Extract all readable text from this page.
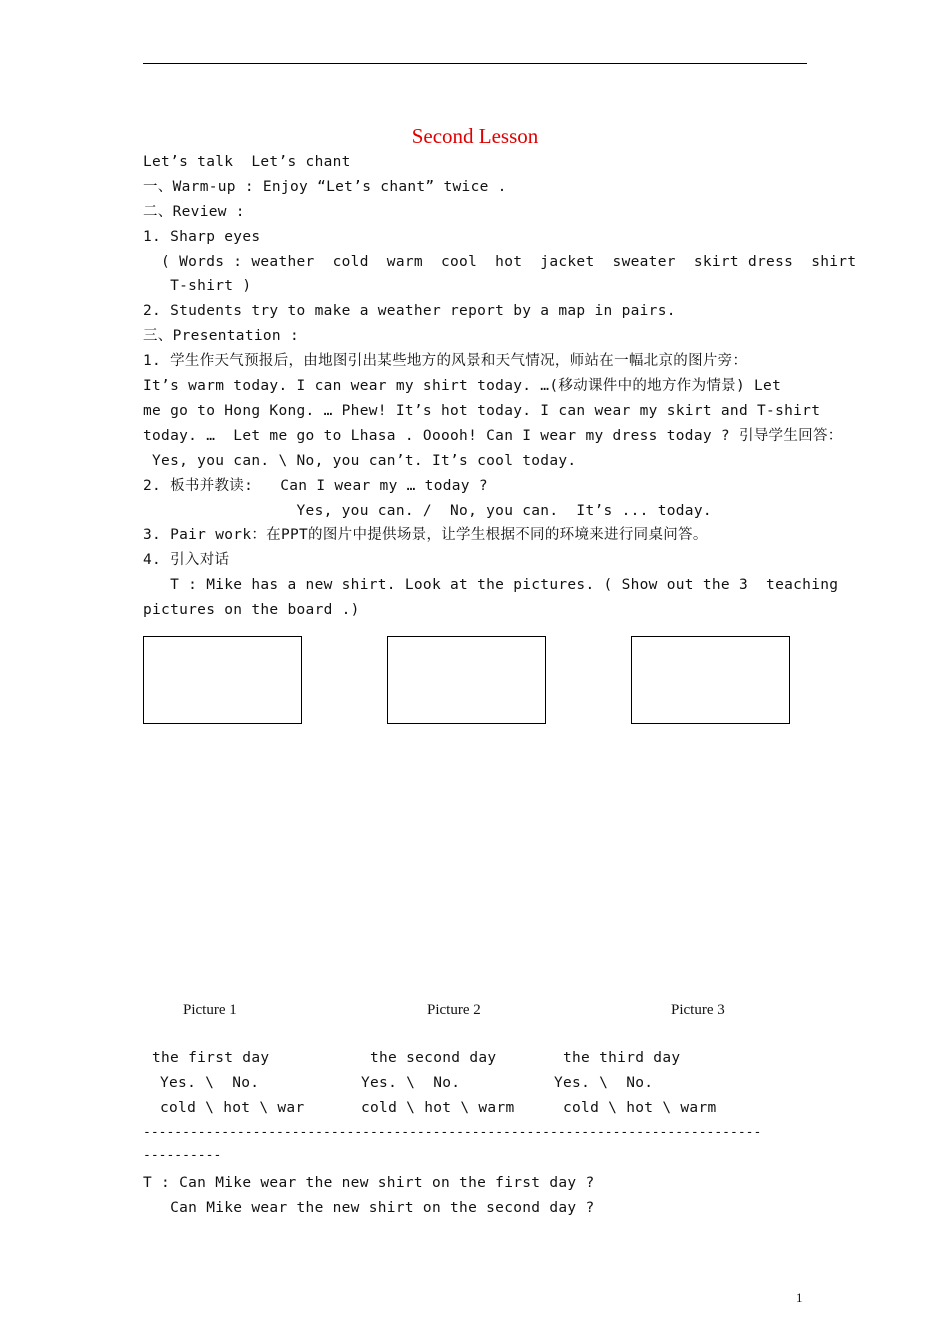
Second Lesson
Let’s talk  Let’s chant
一、Warm-up : Enjoy “Let’s chant” twice .
二、Review :
1. Sharp eyes
( Words : weather  cold  warm  cool  hot  jacket  sweater  skirt dress  shirt
T-shirt )
2. Students try to make a weather report by a map in pairs.
三、Presentation :
1. 学生作天气预报后，由地图引出某些地方的风景和天气情况，师站在一幅北京的图片旁：
It’s warm today. I can wear my shirt today. …(移动课件中的地方作为情景) Let
me go to Hong Kong. … Phew! It’s hot today. I can wear my skirt and T-shirt
today. …  Let me go to Lhasa . Ooooh! Can I wear my dress today ? 引导学生回答：
Yes, you can. \ No, you can’t. It’s cool today.
2. 板书并教读:   Can I wear my … today ?
Yes, you can. /  No, you can.  It’s ... today.
3. Pair work：在PPT的图片中提供场景，让学生根据不同的环境来进行同桌问答。
4. 引入对话
T : Mike has a new shirt. Look at the pictures. ( Show out the 3  teaching
pictures on the board .)
Picture 1	Picture 2	Picture 3
the first day
Yes. \  No.
cold \ hot \ war
the second day
Yes. \  No.
cold \ hot \ warm
the third day
Yes. \  No.
cold \ hot \ warm
-------------------------------------------------------------------------------
----------
T : Can Mike wear the new shirt on the first day ?
Can Mike wear the new shirt on the second day ?
1
